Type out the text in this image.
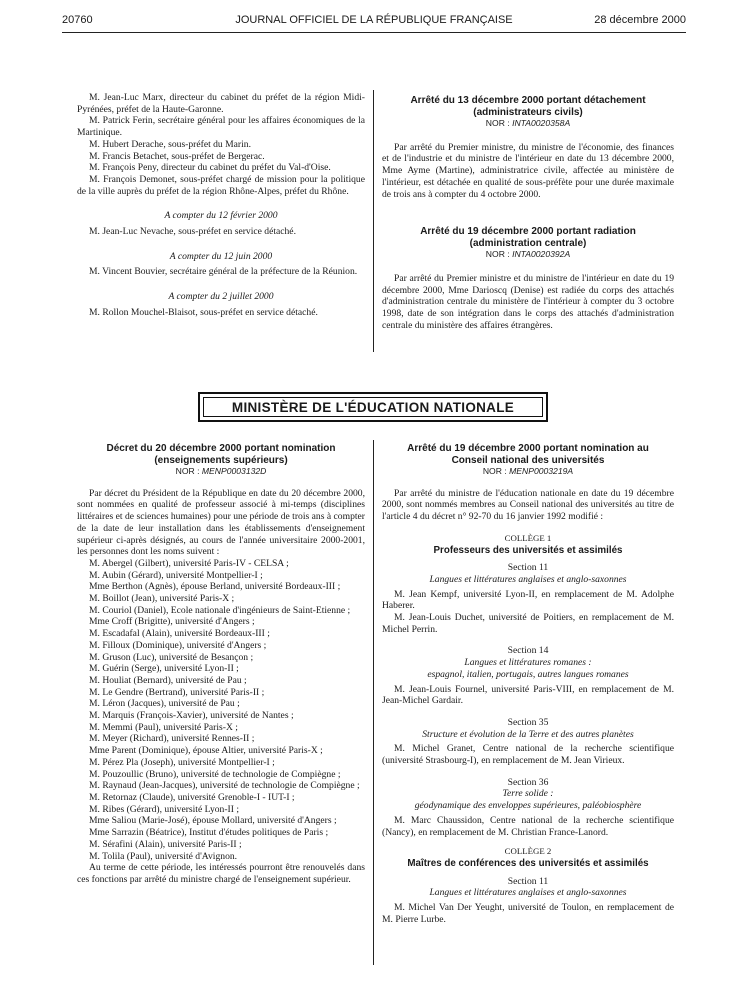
20760	JOURNAL OFFICIEL DE LA RÉPUBLIQUE FRANÇAISE	28 décembre 2000

M. Jean-Luc Marx, directeur du cabinet du préfet de la région Midi-Pyrénées, préfet de la Haute-Garonne.

M. Patrick Ferin, secrétaire général pour les affaires économiques de la Martinique.

M. Hubert Derache, sous-préfet du Marin.

M. Francis Betachet, sous-préfet de Bergerac.

M. François Peny, directeur du cabinet du préfet du Val-d'Oise.

M. François Demonet, sous-préfet chargé de mission pour la politique de la ville auprès du préfet de la région Rhône-Alpes, préfet du Rhône.

A compter du 12 février 2000

M. Jean-Luc Nevache, sous-préfet en service détaché.

A compter du 12 juin 2000

M. Vincent Bouvier, secrétaire général de la préfecture de la Réunion.

A compter du 2 juillet 2000

M. Rollon Mouchel-Blaisot, sous-préfet en service détaché.

Arrêté du 13 décembre 2000 portant détachement (administrateurs civils)

NOR : INTA0020358A

Par arrêté du Premier ministre, du ministre de l'économie, des finances et de l'industrie et du ministre de l'intérieur en date du 13 décembre 2000, Mme Ayme (Martine), administratrice civile, affectée au ministère de l'intérieur, est détachée en qualité de sous-préfète pour une durée maximale de trois ans à compter du 4 octobre 2000.

Arrêté du 19 décembre 2000 portant radiation (administration centrale)

NOR : INTA0020392A

Par arrêté du Premier ministre et du ministre de l'intérieur en date du 19 décembre 2000, Mme Darioscq (Denise) est radiée du corps des attachés d'administration centrale du ministère de l'intérieur à compter du 3 octobre 1998, date de son intégration dans le corps des attachés d'administration centrale du ministère des affaires étrangères.

MINISTÈRE DE L'ÉDUCATION NATIONALE

Décret du 20 décembre 2000 portant nomination (enseignements supérieurs)

NOR : MENP0003132D

Par décret du Président de la République en date du 20 décembre 2000, sont nommées en qualité de professeur associé à mi-temps (disciplines littéraires et de sciences humaines) pour une période de trois ans à compter de la date de leur installation dans les établissements d'enseignement supérieur ci-après désignés, au cours de l'année universitaire 2000-2001, les personnes dont les noms suivent :

M. Abergel (Gilbert), université Paris-IV - CELSA ;

M. Aubin (Gérard), université Montpellier-I ;

Mme Berthon (Agnès), épouse Berland, université Bordeaux-III ;

M. Boillot (Jean), université Paris-X ;

M. Couriol (Daniel), Ecole nationale d'ingénieurs de Saint-Etienne ;

Mme Croff (Brigitte), université d'Angers ;

M. Escadafal (Alain), université Bordeaux-III ;

M. Filloux (Dominique), université d'Angers ;

M. Gruson (Luc), université de Besançon ;

M. Guérin (Serge), université Lyon-II ;

M. Houliat (Bernard), université de Pau ;

M. Le Gendre (Bertrand), université Paris-II ;

M. Léron (Jacques), université de Pau ;

M. Marquis (François-Xavier), université de Nantes ;

M. Memmi (Paul), université Paris-X ;

M. Meyer (Richard), université Rennes-II ;

Mme Parent (Dominique), épouse Altier, université Paris-X ;

M. Pérez Pla (Joseph), université Montpellier-I ;

M. Pouzoullic (Bruno), université de technologie de Compiègne ;

M. Raynaud (Jean-Jacques), université de technologie de Compiègne ;

M. Retornaz (Claude), université Grenoble-I - IUT-I ;

M. Ribes (Gérard), université Lyon-II ;

Mme Saliou (Marie-José), épouse Mollard, université d'Angers ;

Mme Sarrazin (Béatrice), Institut d'études politiques de Paris ;

M. Sérafini (Alain), université Paris-II ;

M. Tolila (Paul), université d'Avignon.

Au terme de cette période, les intéressés pourront être renouvelés dans ces fonctions par arrêté du ministre chargé de l'enseignement supérieur.

Arrêté du 19 décembre 2000 portant nomination au Conseil national des universités

NOR : MENP0003219A

Par arrêté du ministre de l'éducation nationale en date du 19 décembre 2000, sont nommés membres au Conseil national des universités au titre de l'article 4 du décret n° 92-70 du 16 janvier 1992 modifié :

COLLÈGE 1

Professeurs des universités et assimilés

Section 11

Langues et littératures anglaises et anglo-saxonnes

M. Jean Kempf, université Lyon-II, en remplacement de M. Adolphe Haberer.

M. Jean-Louis Duchet, université de Poitiers, en remplacement de M. Michel Perrin.

Section 14

Langues et littératures romanes :

espagnol, italien, portugais, autres langues romanes

M. Jean-Louis Fournel, université Paris-VIII, en remplacement de M. Jean-Michel Gardair.

Section 35

Structure et évolution de la Terre et des autres planètes

M. Michel Granet, Centre national de la recherche scientifique (université Strasbourg-I), en remplacement de M. Jean Virieux.

Section 36

Terre solide :

géodynamique des enveloppes supérieures, paléobiosphère

M. Marc Chaussidon, Centre national de la recherche scientifique (Nancy), en remplacement de M. Christian France-Lanord.

COLLÈGE 2

Maîtres de conférences des universités et assimilés

Section 11

Langues et littératures anglaises et anglo-saxonnes

M. Michel Van Der Yeught, université de Toulon, en remplacement de M. Pierre Lurbe.
